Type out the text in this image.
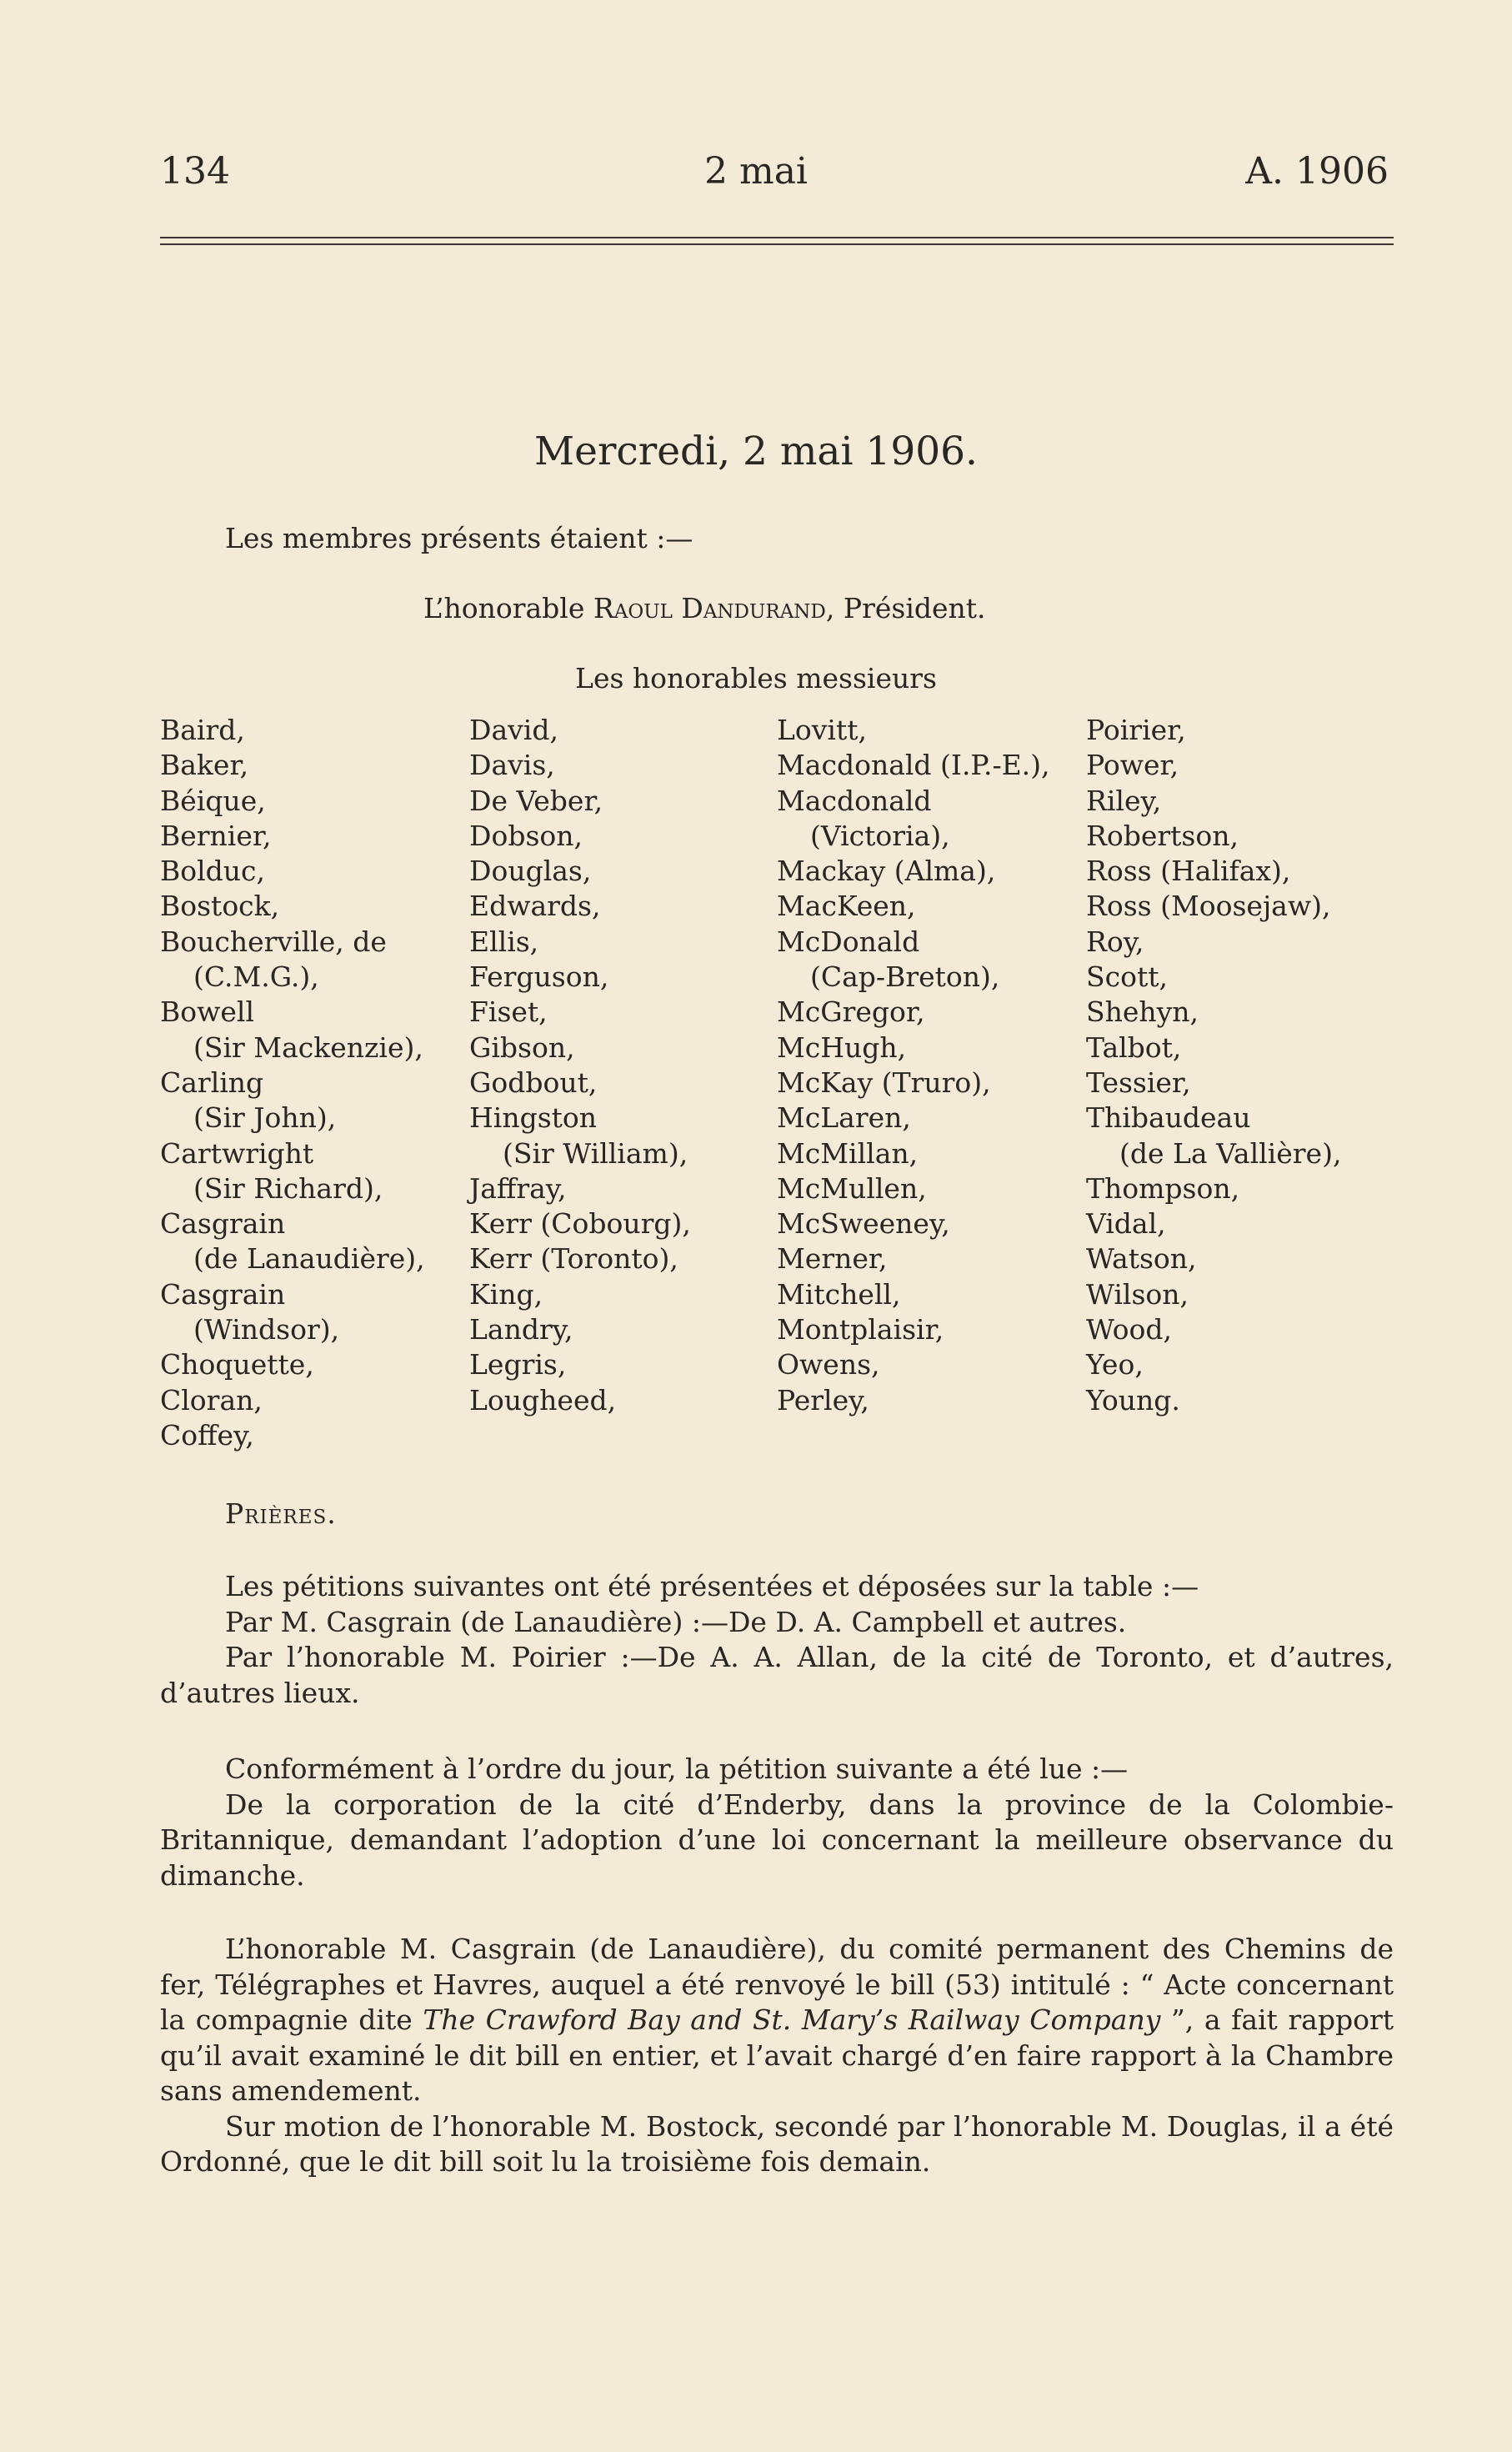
134	2 mai	A. 1906
Mercredi, 2 mai 1906.
Les membres présents étaient :—
L’honorable Raoul Dandurand, Président.
Les honorables messieurs
Baird,
Baker,
Béique,
Bernier,
Bolduc,
Bostock,
Boucherville, de
(C.M.G.),
Bowell
(Sir Mackenzie),
Carling
(Sir John),
Cartwright
(Sir Richard),
Casgrain
(de Lanaudière),
Casgrain
(Windsor),
Choquette,
Cloran,
Coffey,
David,
Davis,
De Veber,
Dobson,
Douglas,
Edwards,
Ellis,
Ferguson,
Fiset,
Gibson,
Godbout,
Hingston
(Sir William),
Jaffray,
Kerr (Cobourg),
Kerr (Toronto),
King,
Landry,
Legris,
Lougheed,
Lovitt,
Macdonald (I.P.-E.),
Macdonald
(Victoria),
Mackay (Alma),
MacKeen,
McDonald
(Cap-Breton),
McGregor,
McHugh,
McKay (Truro),
McLaren,
McMillan,
McMullen,
McSweeney,
Merner,
Mitchell,
Montplaisir,
Owens,
Perley,
Poirier,
Power,
Riley,
Robertson,
Ross (Halifax),
Ross (Moosejaw),
Roy,
Scott,
Shehyn,
Talbot,
Tessier,
Thibaudeau
(de La Vallière),
Thompson,
Vidal,
Watson,
Wilson,
Wood,
Yeo,
Young.
Prières.

Les pétitions suivantes ont été présentées et déposées sur la table :—

Par M. Casgrain (de Lanaudière) :—De D. A. Campbell et autres.

Par l’honorable M. Poirier :—De A. A. Allan, de la cité de Toronto, et d’autres, d’autres lieux.

Conformément à l’ordre du jour, la pétition suivante a été lue :—

De la corporation de la cité d’Enderby, dans la province de la Colombie-Britannique, demandant l’adoption d’une loi concernant la meilleure observance du dimanche.

L’honorable M. Casgrain (de Lanaudière), du comité permanent des Chemins de fer, Télégraphes et Havres, auquel a été renvoyé le bill (53) intitulé : “ Acte concernant la compagnie dite The Crawford Bay and St. Mary’s Railway Company ”, a fait rapport qu’il avait examiné le dit bill en entier, et l’avait chargé d’en faire rapport à la Chambre sans amendement.

Sur motion de l’honorable M. Bostock, secondé par l’honorable M. Douglas, il a été Ordonné, que le dit bill soit lu la troisième fois demain.
